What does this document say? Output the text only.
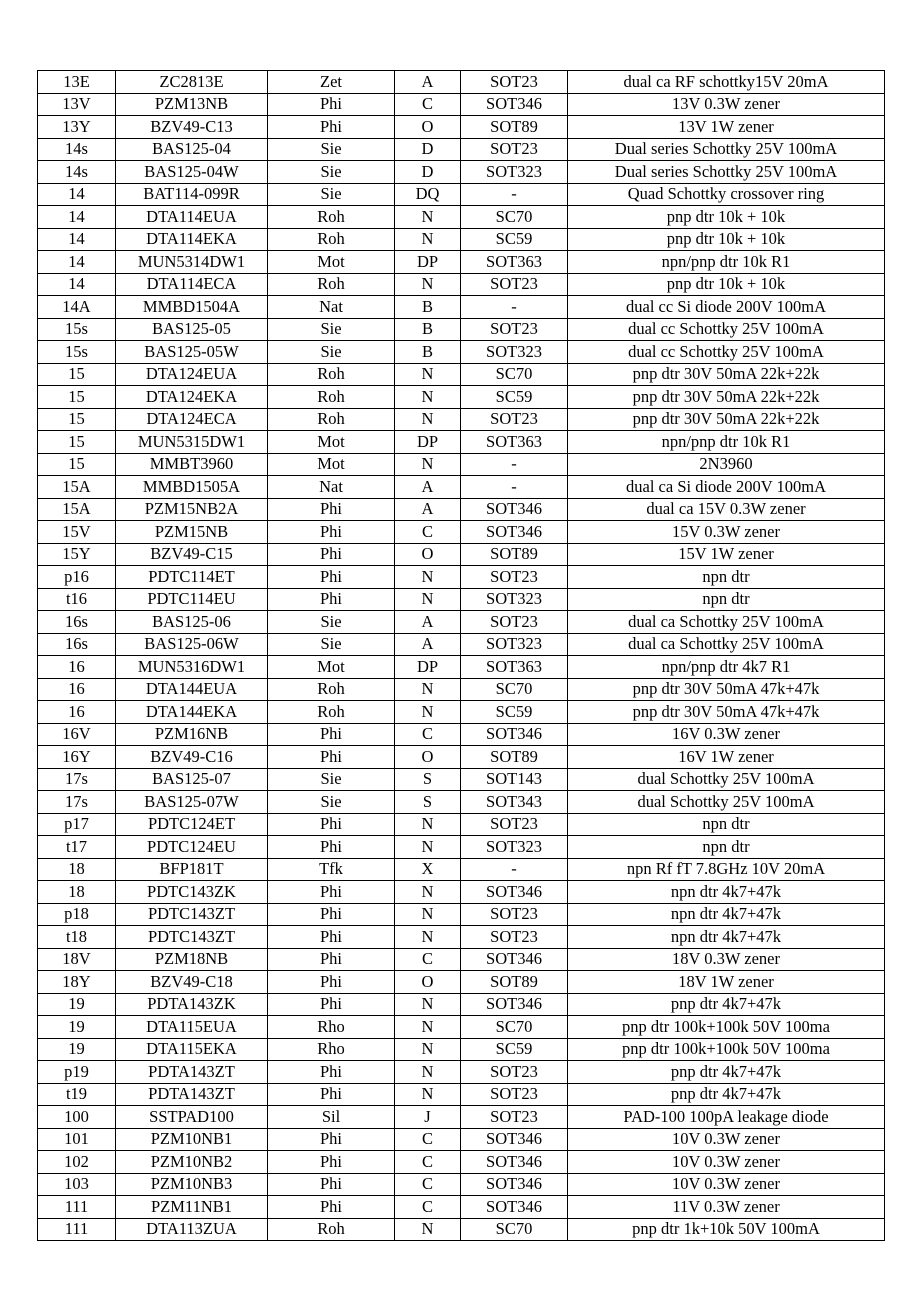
13E	ZC2813E	Zet	A	SOT23	dual ca RF schottky15V 20mA
13V	PZM13NB	Phi	C	SOT346	13V 0.3W zener
13Y	BZV49-C13	Phi	O	SOT89	13V 1W zener
14s	BAS125-04	Sie	D	SOT23	Dual series Schottky 25V 100mA
14s	BAS125-04W	Sie	D	SOT323	Dual series Schottky 25V 100mA
14	BAT114-099R	Sie	DQ	-	Quad Schottky crossover ring
14	DTA114EUA	Roh	N	SC70	pnp dtr 10k + 10k
14	DTA114EKA	Roh	N	SC59	pnp dtr 10k + 10k
14	MUN5314DW1	Mot	DP	SOT363	npn/pnp dtr 10k R1
14	DTA114ECA	Roh	N	SOT23	pnp dtr 10k + 10k
14A	MMBD1504A	Nat	B	-	dual cc Si diode 200V 100mA
15s	BAS125-05	Sie	B	SOT23	dual cc Schottky 25V 100mA
15s	BAS125-05W	Sie	B	SOT323	dual cc Schottky 25V 100mA
15	DTA124EUA	Roh	N	SC70	pnp dtr 30V 50mA 22k+22k
15	DTA124EKA	Roh	N	SC59	pnp dtr 30V 50mA 22k+22k
15	DTA124ECA	Roh	N	SOT23	pnp dtr 30V 50mA 22k+22k
15	MUN5315DW1	Mot	DP	SOT363	npn/pnp dtr 10k R1
15	MMBT3960	Mot	N	-	2N3960
15A	MMBD1505A	Nat	A	-	dual ca Si diode 200V 100mA
15A	PZM15NB2A	Phi	A	SOT346	dual ca 15V 0.3W zener
15V	PZM15NB	Phi	C	SOT346	15V 0.3W zener
15Y	BZV49-C15	Phi	O	SOT89	15V 1W zener
p16	PDTC114ET	Phi	N	SOT23	npn dtr
t16	PDTC114EU	Phi	N	SOT323	npn dtr
16s	BAS125-06	Sie	A	SOT23	dual ca Schottky 25V 100mA
16s	BAS125-06W	Sie	A	SOT323	dual ca Schottky 25V 100mA
16	MUN5316DW1	Mot	DP	SOT363	npn/pnp dtr 4k7 R1
16	DTA144EUA	Roh	N	SC70	pnp dtr 30V 50mA 47k+47k
16	DTA144EKA	Roh	N	SC59	pnp dtr 30V 50mA 47k+47k
16V	PZM16NB	Phi	C	SOT346	16V 0.3W zener
16Y	BZV49-C16	Phi	O	SOT89	16V 1W zener
17s	BAS125-07	Sie	S	SOT143	dual Schottky 25V 100mA
17s	BAS125-07W	Sie	S	SOT343	dual Schottky 25V 100mA
p17	PDTC124ET	Phi	N	SOT23	npn dtr
t17	PDTC124EU	Phi	N	SOT323	npn dtr
18	BFP181T	Tfk	X	-	npn Rf fT 7.8GHz 10V 20mA
18	PDTC143ZK	Phi	N	SOT346	npn dtr 4k7+47k
p18	PDTC143ZT	Phi	N	SOT23	npn dtr 4k7+47k
t18	PDTC143ZT	Phi	N	SOT23	npn dtr 4k7+47k
18V	PZM18NB	Phi	C	SOT346	18V 0.3W zener
18Y	BZV49-C18	Phi	O	SOT89	18V 1W zener
19	PDTA143ZK	Phi	N	SOT346	pnp dtr 4k7+47k
19	DTA115EUA	Rho	N	SC70	pnp dtr 100k+100k 50V 100ma
19	DTA115EKA	Rho	N	SC59	pnp dtr 100k+100k 50V 100ma
p19	PDTA143ZT	Phi	N	SOT23	pnp dtr 4k7+47k
t19	PDTA143ZT	Phi	N	SOT23	pnp dtr 4k7+47k
100	SSTPAD100	Sil	J	SOT23	PAD-100 100pA leakage diode
101	PZM10NB1	Phi	C	SOT346	10V 0.3W zener
102	PZM10NB2	Phi	C	SOT346	10V 0.3W zener
103	PZM10NB3	Phi	C	SOT346	10V 0.3W zener
111	PZM11NB1	Phi	C	SOT346	11V 0.3W zener
111	DTA113ZUA	Roh	N	SC70	pnp dtr 1k+10k 50V 100mA
